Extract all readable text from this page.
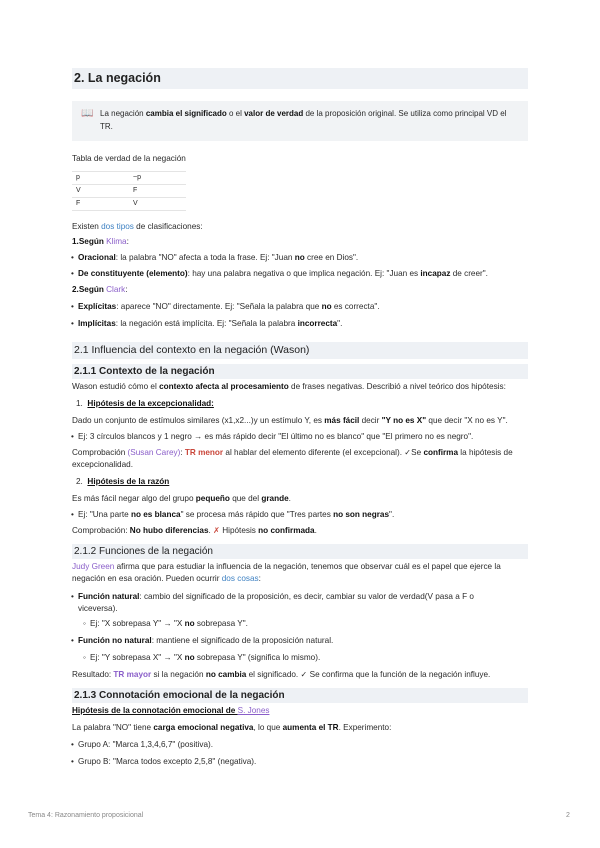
2. La negación
📖 La negación cambia el significado o el valor de verdad de la proposición original. Se utiliza como principal VD el
TR.
Tabla de verdad de la negación
p	~p
V	F
F	V
Existen dos tipos de clasificaciones:
1.Según Klima:
• Oracional: la palabra "NO" afecta a toda la frase. Ej: "Juan no cree en Dios".
• De constituyente (elemento): hay una palabra negativa o que implica negación. Ej: "Juan es incapaz de creer".
2.Según Clark:
• Explícitas: aparece "NO" directamente. Ej: "Señala la palabra que no es correcta".
• Implícitas: la negación está implícita. Ej: "Señala la palabra incorrecta".
2.1 Influencia del contexto en la negación (Wason)
2.1.1 Contexto de la negación
Wason estudió cómo el contexto afecta al procesamiento de frases negativas. Describió a nivel teórico dos hipótesis:
1. Hipótesis de la excepcionalidad:
Dado un conjunto de estímulos similares (x1,x2...)y un estímulo Y, es más fácil decir "Y no es X" que decir "X no es Y".
• Ej: 3 círculos blancos y 1 negro → es más rápido decir "El último no es blanco" que "El primero no es negro".
Comprobación (Susan Carey): TR menor al hablar del elemento diferente (el excepcional). ✓Se confirma la hipótesis de
excepcionalidad.
2. Hipótesis de la razón
Es más fácil negar algo del grupo pequeño que del grande.
• Ej: "Una parte no es blanca" se procesa más rápido que "Tres partes no son negras".
Comprobación: No hubo diferencias. ✗ Hipótesis no confirmada.
2.1.2 Funciones de la negación
Judy Green afirma que para estudiar la influencia de la negación, tenemos que observar cuál es el papel que ejerce la
negación en esa oración. Pueden ocurrir dos cosas:
• Función natural: cambio del significado de la proposición, es decir, cambiar su valor de verdad(V pasa a F o
viceversa).
◦ Ej: "X sobrepasa Y" → "X no sobrepasa Y".
• Función no natural: mantiene el significado de la proposición natural.
◦ Ej: "Y sobrepasa X" → "X no sobrepasa Y" (significa lo mismo).
Resultado: TR mayor si la negación no cambia el significado. ✓ Se confirma que la función de la negación influye.
2.1.3 Connotación emocional de la negación
Hipótesis de la connotación emocional de S. Jones
La palabra "NO" tiene carga emocional negativa, lo que aumenta el TR. Experimento:
• Grupo A: "Marca 1,3,4,6,7" (positiva).
• Grupo B: "Marca todos excepto 2,5,8" (negativa).
Tema 4: Razonamiento proposicional	2
